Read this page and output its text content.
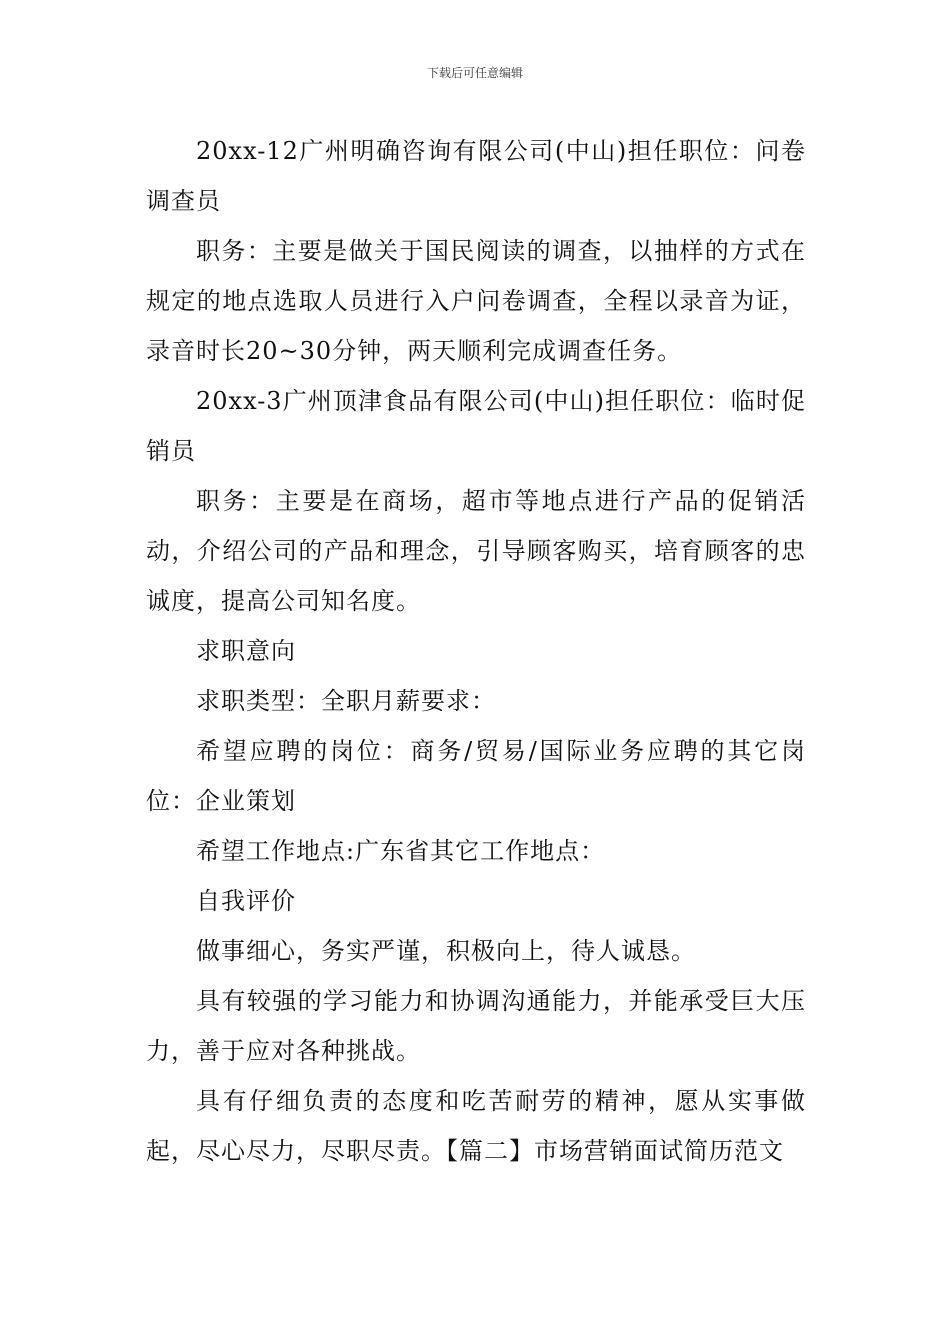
下载后可任意编辑

20xx-12广州明确咨询有限公司(中山)担任职位：问卷调查员

职务：主要是做关于国民阅读的调查，以抽样的方式在规定的地点选取人员进行入户问卷调查，全程以录音为证，录音时长20~30分钟，两天顺利完成调查任务。

20xx-3广州顶津食品有限公司(中山)担任职位：临时促销员

职务：主要是在商场，超市等地点进行产品的促销活动，介绍公司的产品和理念，引导顾客购买，培育顾客的忠诚度，提高公司知名度。

求职意向

求职类型：全职月薪要求：

希望应聘的岗位：商务/贸易/国际业务应聘的其它岗位：企业策划

希望工作地点:广东省其它工作地点：

自我评价

做事细心，务实严谨，积极向上，待人诚恳。

具有较强的学习能力和协调沟通能力，并能承受巨大压力，善于应对各种挑战。

具有仔细负责的态度和吃苦耐劳的精神，愿从实事做起，尽心尽力，尽职尽责。【篇二】市场营销面试简历范文
